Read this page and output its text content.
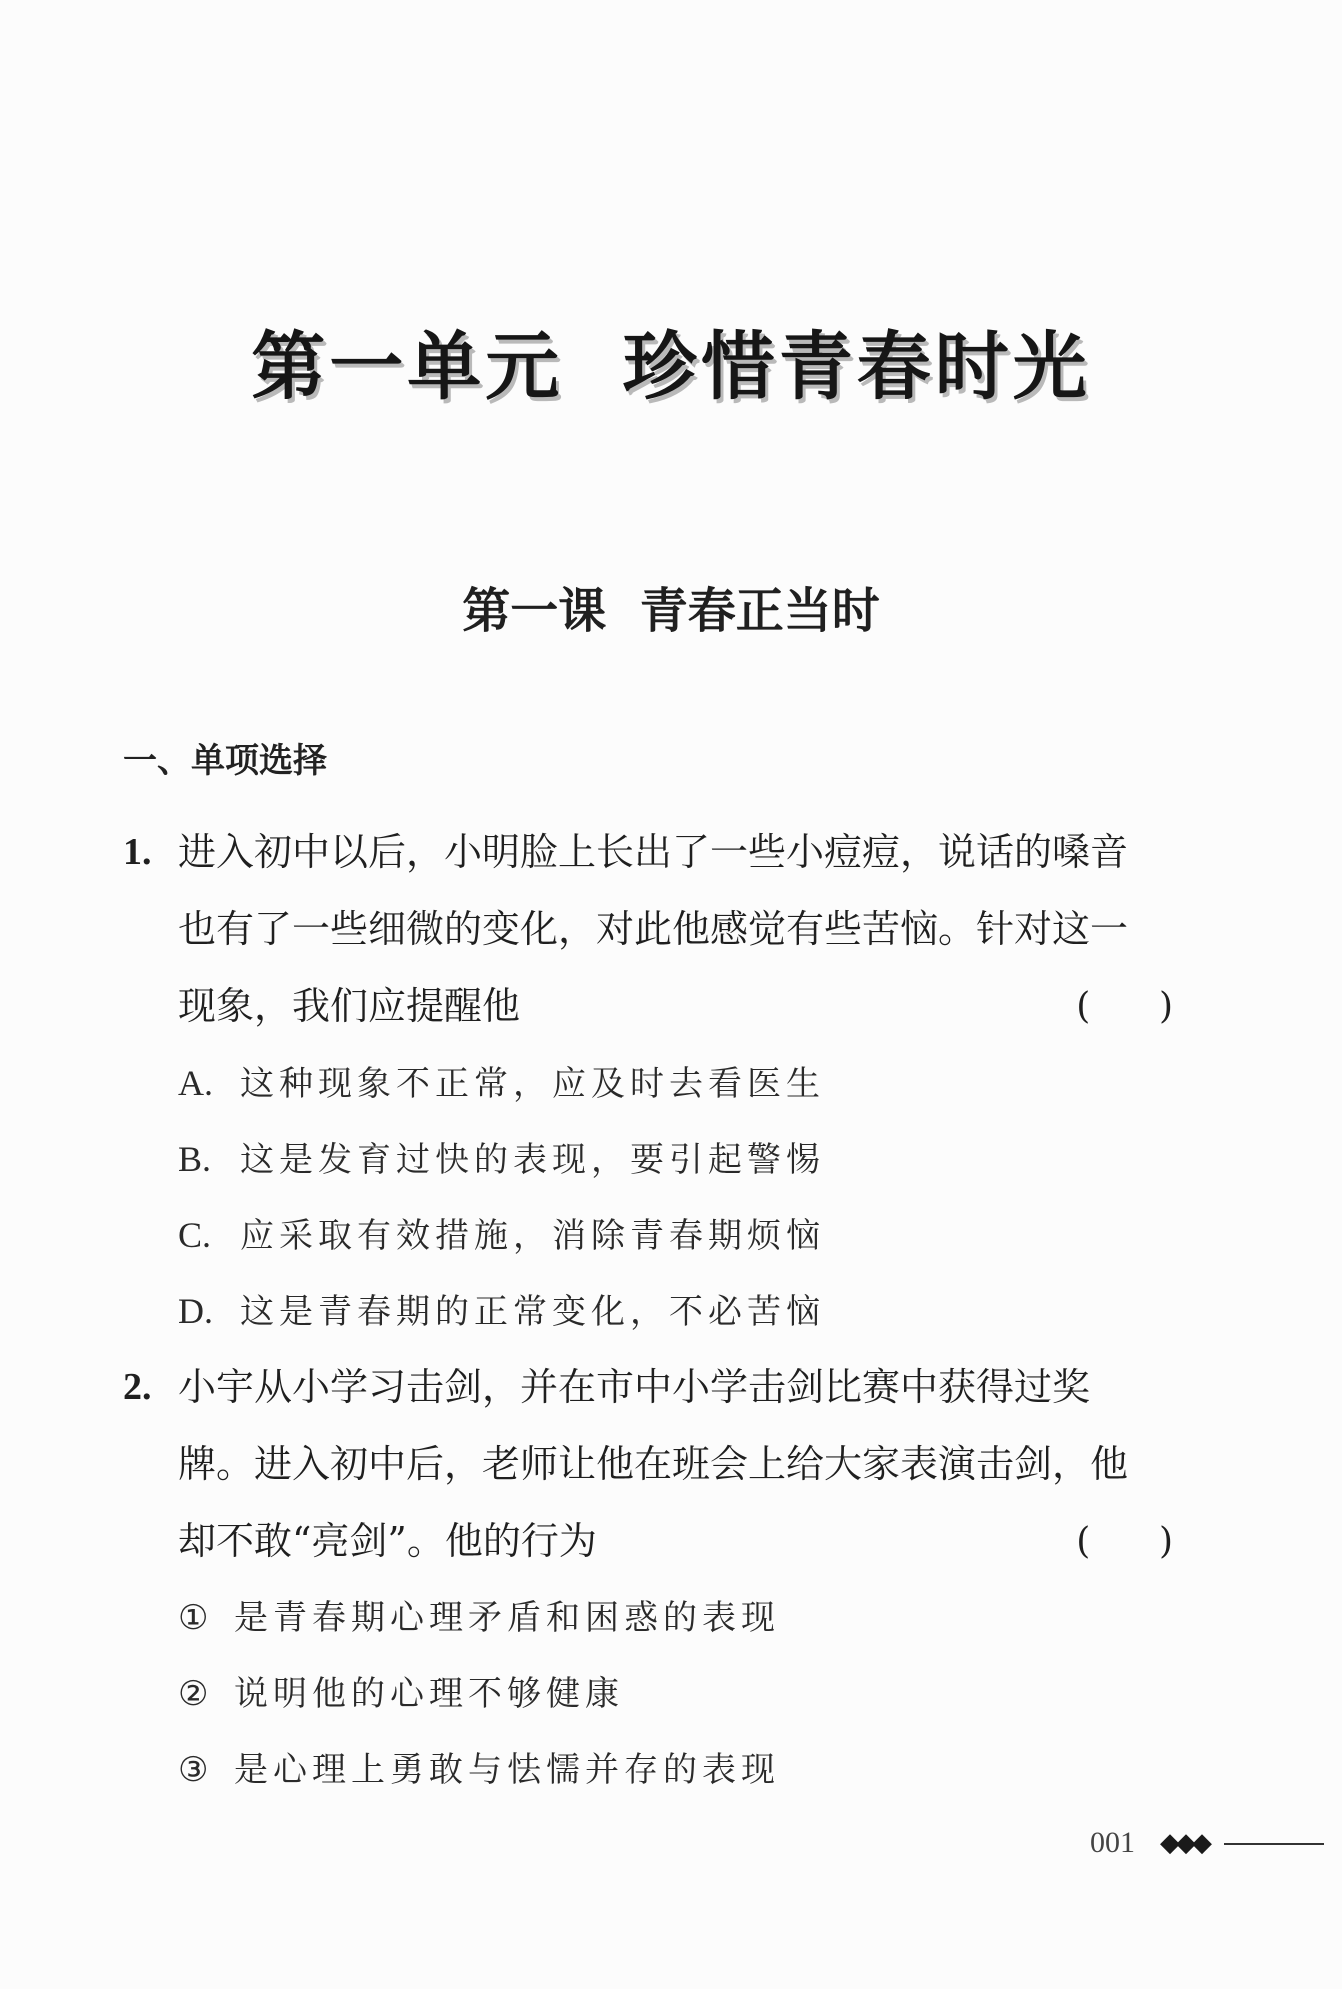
第一单元  珍惜青春时光
第一课  青春正当时
一、单项选择
1. 进入初中以后，小明脸上长出了一些小痘痘，说话的嗓音
也有了一些细微的变化，对此他感觉有些苦恼。针对这一
现象，我们应提醒他	(      )
A. 这种现象不正常，应及时去看医生
B. 这是发育过快的表现，要引起警惕
C. 应采取有效措施，消除青春期烦恼
D. 这是青春期的正常变化，不必苦恼
2. 小宇从小学习击剑，并在市中小学击剑比赛中获得过奖
牌。进入初中后，老师让他在班会上给大家表演击剑，他
却不敢“亮剑”。他的行为	(      )
① 是青春期心理矛盾和困惑的表现
② 说明他的心理不够健康
③ 是心理上勇敢与怯懦并存的表现
001 ◆◆◆
